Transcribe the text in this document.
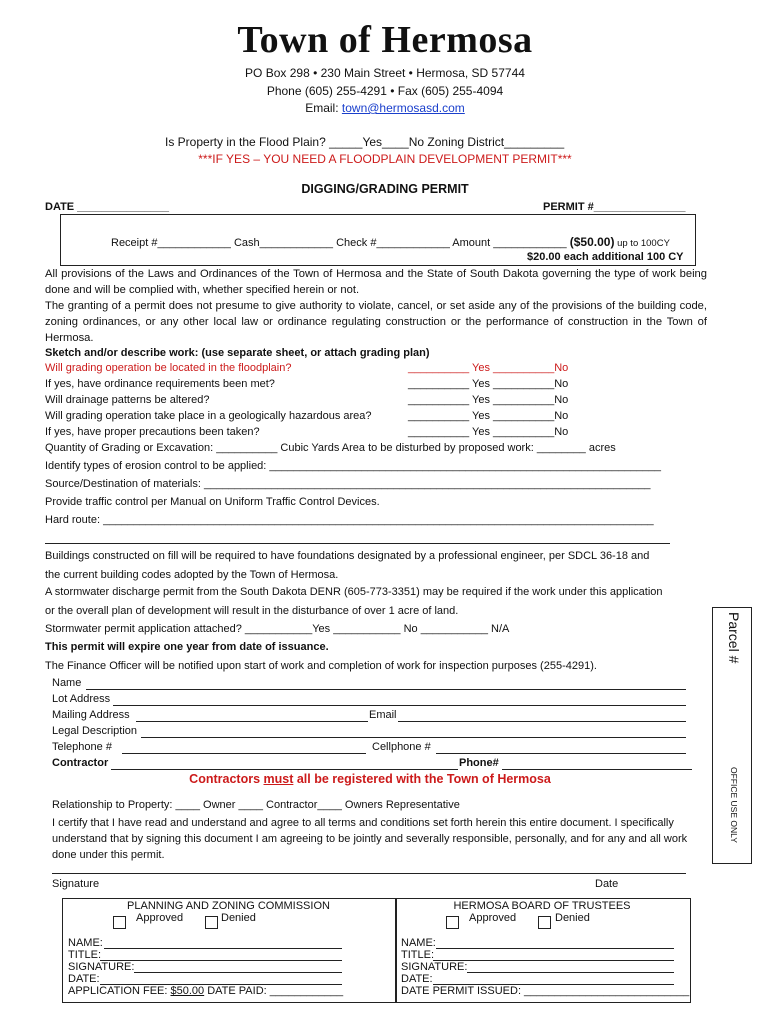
Town of Hermosa
PO Box 298 • 230 Main Street • Hermosa, SD 57744
Phone (605) 255-4291 • Fax (605) 255-4094
Email: town@hermosasd.com
Is Property in the Flood Plain? _____Yes____No Zoning District_________
***IF YES – YOU NEED A FLOODPLAIN DEVELOPMENT PERMIT***
DIGGING/GRADING PERMIT
DATE _______________	PERMIT #_______________
Receipt #____________ Cash____________ Check #____________ Amount ____________ ($50.00) up to 100CY
$20.00 each additional 100 CY
All provisions of the Laws and Ordinances of the Town of Hermosa and the State of South Dakota governing the type of work being done and will be complied with, whether specified herein or not.
The granting of a permit does not presume to give authority to violate, cancel, or set aside any of the provisions of the building code, zoning ordinances, or any other local law or ordinance regulating construction or the performance of construction in the Town of Hermosa.
Sketch and/or describe work: (use separate sheet, or attach grading plan)
Will grading operation be located in the floodplain?	__________ Yes __________No
If yes, have ordinance requirements been met?	__________ Yes __________No
Will drainage patterns be altered?	__________ Yes __________No
Will grading operation take place in a geologically hazardous area?	__________ Yes __________No
If yes, have proper precautions been taken?	__________ Yes __________No
Quantity of Grading or Excavation: __________ Cubic Yards Area to be disturbed by proposed work: ________ acres
Identify types of erosion control to be applied: ________________________________________________________________
Source/Destination of materials: _________________________________________________________________________
Provide traffic control per Manual on Uniform Traffic Control Devices.
Hard route: __________________________________________________________________________________________
Buildings constructed on fill will be required to have foundations designated by a professional engineer, per SDCL 36-18 and
the current building codes adopted by the Town of Hermosa.
A stormwater discharge permit from the South Dakota DENR (605-773-3351) may be required if the work under this application
or the overall plan of development will result in the disturbance of over 1 acre of land.
Stormwater permit application attached? ___________Yes ___________ No ___________ N/A
This permit will expire one year from date of issuance.
The Finance Officer will be notified upon start of work and completion of work for inspection purposes (255-4291).
Name
Lot Address
Mailing Address	Email
Legal Description
Telephone #	Cellphone #
Contractor	Phone#
Contractors must all be registered with the Town of Hermosa
Relationship to Property: ____ Owner ____ Contractor____ Owners Representative
I certify that I have read and understand and agree to all terms and conditions set forth herein this entire document. I specifically understand that by signing this document I am agreeing to be jointly and severally responsible, personally, and for any and all work done under this permit.
Signature	Date
Parcel #
OFFICE USE ONLY
PLANNING AND ZONING COMMISSION
Approved	Denied
NAME:
TITLE:
SIGNATURE:
DATE:
APPLICATION FEE: $50.00 DATE PAID: ____________
HERMOSA BOARD OF TRUSTEES
Approved	Denied
NAME:
TITLE:
SIGNATURE:
DATE:
DATE PERMIT ISSUED: ___________________________
